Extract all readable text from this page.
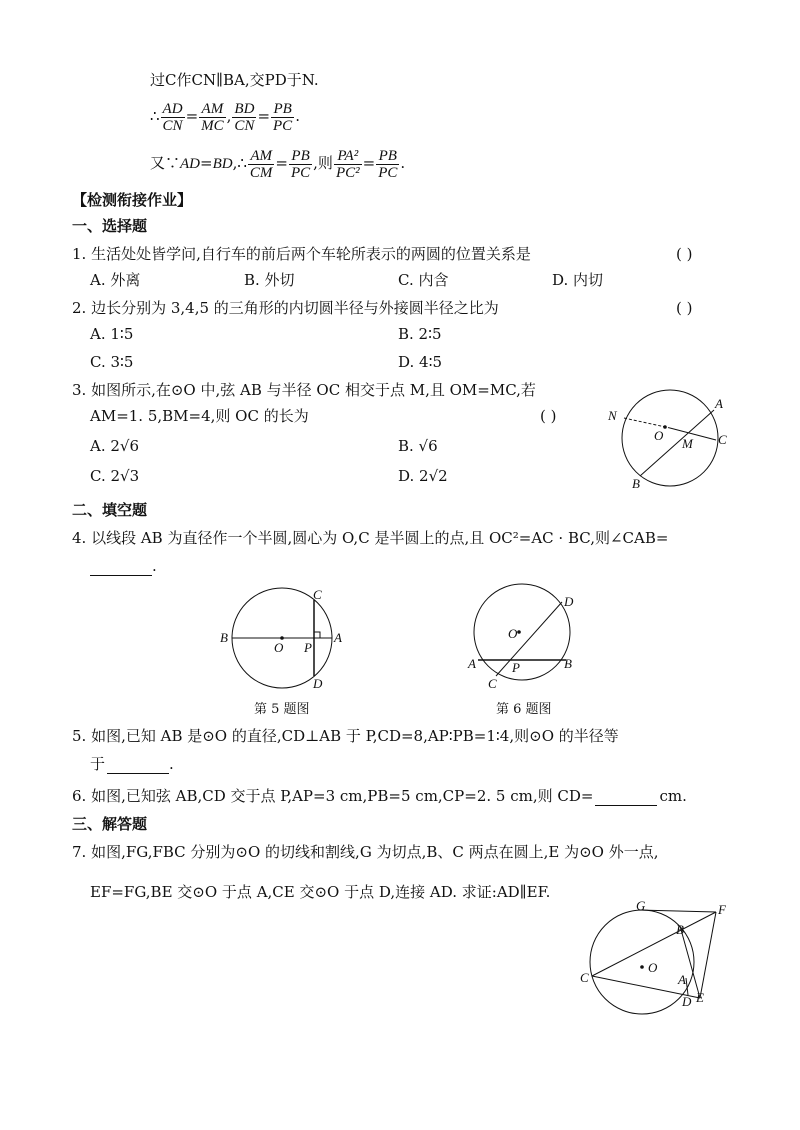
过C作CN∥BA,交PD于N.
∴ $\frac{AD}{CN} = \frac{AM}{MC}$ , $\frac{BD}{CN} = \frac{PB}{PC}$ .
又∵AD=BD,∴ $\frac{AM}{CM} = \frac{PB}{PC}$ ,则 $\frac{\text{PA²}}{\text{PC²}} = \frac{PB}{PC}$ .
【检测衔接作业】
一、选择题
1. 生活处处皆学问,自行车的前后两个车轮所表示的两圆的位置关系是	( )
A. 外离	B. 外切	C. 内含	D. 内切
2. 边长分别为 3,4,5 的三角形的内切圆半径与外接圆半径之比为	( )
A. 1∶5	B. 2∶5
C. 3∶5	D. 4∶5
3. 如图所示,在⊙O 中,弦 AB 与半径 OC 相交于点 M,且 OM=MC,若
AM=1. 5,BM=4,则 OC 的长为	( )
A. 2√6	B. √6
C. 2√3	D. 2√2
A
N
O
M C
B
二、填空题
4. 以线段 AB 为直径作一个半圆,圆心为 O,C 是半圆上的点,且 OC²=AC · BC,则∠CAB=
.
C
B
O P
A
D
第 5 题图
D
O
A	P	B
C
第 6 题图
5. 如图,已知 AB 是⊙O 的直径,CD⊥AB 于 P,CD=8,AP∶PB=1∶4,则⊙O 的半径等
于	.
6. 如图,已知弦 AB,CD 交于点 P,AP=3 cm,PB=5 cm,CP=2. 5 cm,则 CD=	cm.
三、解答题
7. 如图,FG,FBC 分别为⊙O 的切线和割线,G 为切点,B、C 两点在圆上,E 为⊙O 外一点,
EF=FG,BE 交⊙O 于点 A,CE 交⊙O 于点 D,连接 AD. 求证:AD∥EF.
G	F
B
C
O
A
D E
